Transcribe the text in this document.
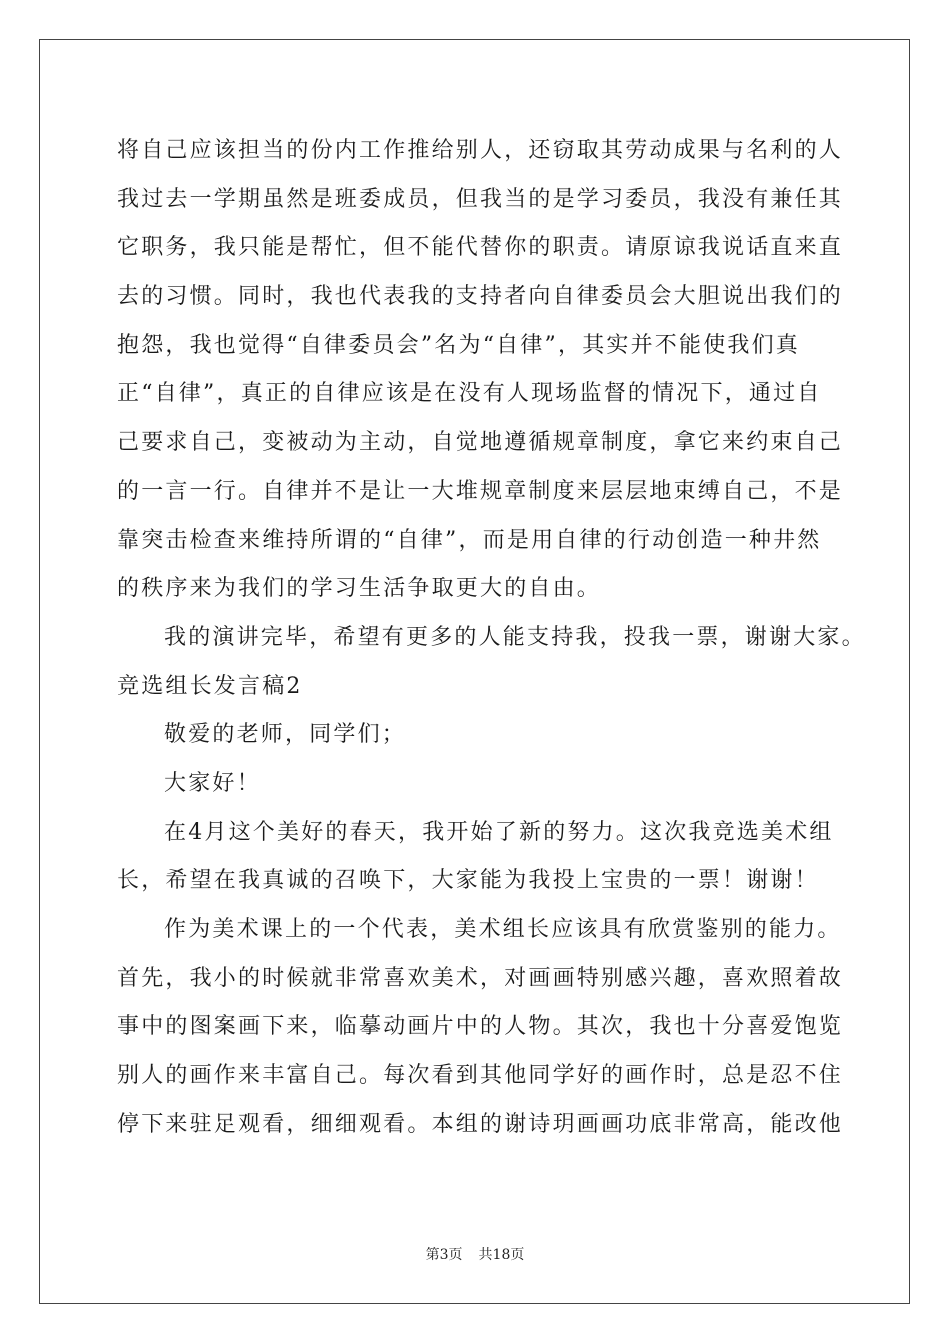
将自己应该担当的份内工作推给别人，还窃取其劳动成果与名利的人
我过去一学期虽然是班委成员，但我当的是学习委员，我没有兼任其
它职务，我只能是帮忙，但不能代替你的职责。请原谅我说话直来直
去的习惯。同时，我也代表我的支持者向自律委员会大胆说出我们的
抱怨，我也觉得“自律委员会”名为“自律”，其实并不能使我们真
正“自律”，真正的自律应该是在没有人现场监督的情况下，通过自
己要求自己，变被动为主动，自觉地遵循规章制度，拿它来约束自己
的一言一行。自律并不是让一大堆规章制度来层层地束缚自己，不是
靠突击检查来维持所谓的“自律”，而是用自律的行动创造一种井然
的秩序来为我们的学习生活争取更大的自由。
我的演讲完毕，希望有更多的人能支持我，投我一票，谢谢大家。
竞选组长发言稿2
敬爱的老师，同学们；
大家好！
在4月这个美好的春天，我开始了新的努力。这次我竞选美术组
长，希望在我真诚的召唤下，大家能为我投上宝贵的一票！谢谢！
作为美术课上的一个代表，美术组长应该具有欣赏鉴别的能力。
首先，我小的时候就非常喜欢美术，对画画特别感兴趣，喜欢照着故
事中的图案画下来，临摹动画片中的人物。其次，我也十分喜爱饱览
别人的画作来丰富自己。每次看到其他同学好的画作时，总是忍不住
停下来驻足观看，细细观看。本组的谢诗玥画画功底非常高，能改他
第3页 共18页
